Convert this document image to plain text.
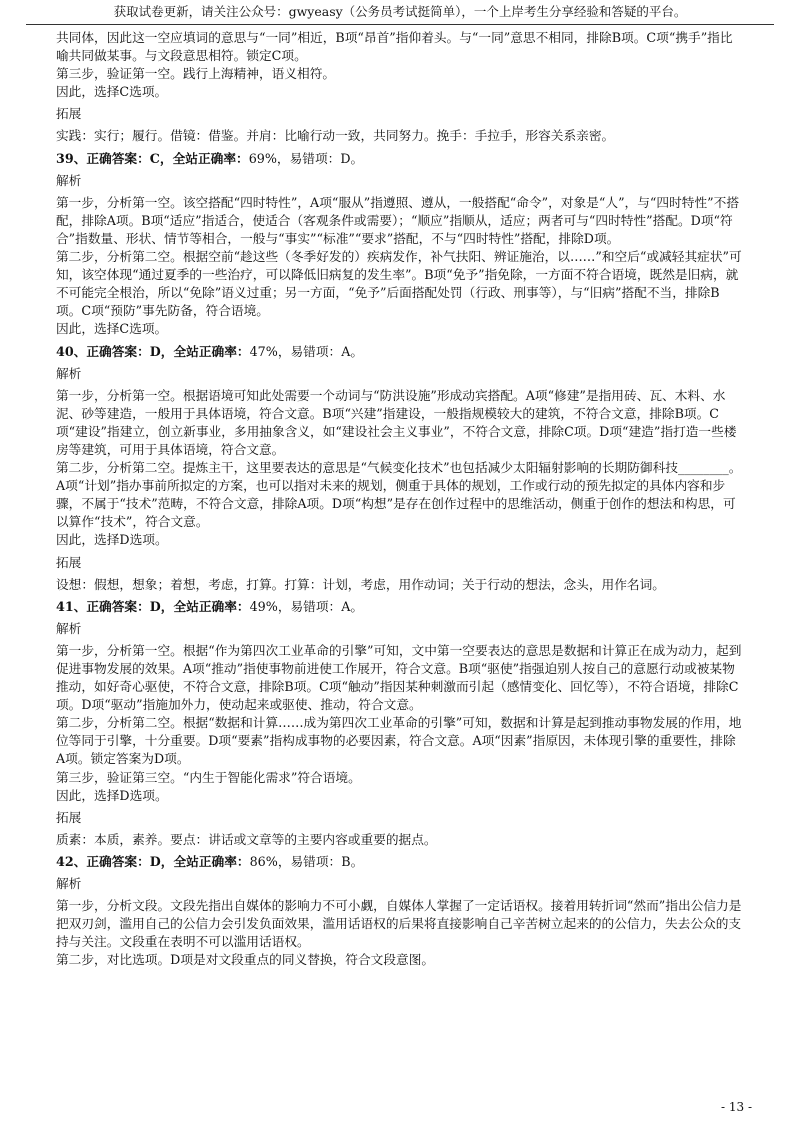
获取试卷更新，请关注公众号：gwyeasy（公务员考试挺简单），一个上岸考生分享经验和答疑的平台。

共同体，因此这一空应填词的意思与“一同”相近，B项“昂首”指仰着头。与“一同”意思不相同，排除B项。C项“携手”指比喻共同做某事。与文段意思相符。锁定C项。

第三步，验证第一空。践行上海精神，语义相符。

因此，选择C选项。

拓展

实践：实行；履行。借镜：借鉴。并肩：比喻行动一致，共同努力。挽手：手拉手，形容关系亲密。

39、正确答案：C，全站正确率：69%，易错项：D。

解析

第一步，分析第一空。该空搭配“四时特性”，A项“服从”指遵照、遵从，一般搭配“命令”，对象是“人”，与“四时特性”不搭配，排除A项。B项“适应”指适合，使适合（客观条件或需要）；“顺应”指顺从，适应；两者可与“四时特性”搭配。D项“符合”指数量、形状、情节等相合，一般与“事实”“标准”“要求”搭配，不与“四时特性”搭配，排除D项。

第二步，分析第二空。根据空前“趁这些（冬季好发的）疾病发作，补气扶阳、辨证施治，以……”和空后“或减轻其症状”可知，该空体现“通过夏季的一些治疗，可以降低旧病复的发生率”。B项“免予”指免除，一方面不符合语境，既然是旧病，就不可能完全根治，所以“免除”语义过重；另一方面，“免予”后面搭配处罚（行政、刑事等），与“旧病”搭配不当，排除B项。C项“预防”事先防备，符合语境。

因此，选择C选项。

40、正确答案：D，全站正确率：47%，易错项：A。

解析

第一步，分析第一空。根据语境可知此处需要一个动词与“防洪设施”形成动宾搭配。A项“修建”是指用砖、瓦、木料、水泥、砂等建造，一般用于具体语境，符合文意。B项“兴建”指建设，一般指规模较大的建筑，不符合文意，排除B项。C项“建设”指建立，创立新事业，多用抽象含义，如“建设社会主义事业”，不符合文意，排除C项。D项“建造”指打造一些楼房等建筑，可用于具体语境，符合文意。

第二步，分析第二空。提炼主干，这里要表达的意思是“气候变化技术”也包括减少太阳辐射影响的长期防御科技________。A项“计划”指办事前所拟定的方案，也可以指对未来的规划，侧重于具体的规划，工作或行动的预先拟定的具体内容和步骤，不属于“技术”范畴，不符合文意，排除A项。D项“构想”是存在创作过程中的思维活动，侧重于创作的想法和构思，可以算作“技术”，符合文意。

因此，选择D选项。

拓展

设想：假想，想象；着想，考虑，打算。打算：计划，考虑，用作动词；关于行动的想法，念头，用作名词。

41、正确答案：D，全站正确率：49%，易错项：A。

解析

第一步，分析第一空。根据“作为第四次工业革命的引擎”可知，文中第一空要表达的意思是数据和计算正在成为动力，起到促进事物发展的效果。A项“推动”指使事物前进使工作展开，符合文意。B项“驱使”指强迫别人按自己的意愿行动或被某物推动，如好奇心驱使，不符合文意，排除B项。C项“触动”指因某种刺激而引起（感情变化、回忆等），不符合语境，排除C项。D项“驱动”指施加外力，使动起来或驱使、推动，符合文意。

第二步，分析第二空。根据“数据和计算……成为第四次工业革命的引擎”可知，数据和计算是起到推动事物发展的作用，地位等同于引擎，十分重要。D项“要素”指构成事物的必要因素，符合文意。A项“因素”指原因，未体现引擎的重要性，排除A项。锁定答案为D项。

第三步，验证第三空。“内生于智能化需求”符合语境。

因此，选择D选项。

拓展

质素：本质，素养。要点：讲话或文章等的主要内容或重要的据点。

42、正确答案：D，全站正确率：86%，易错项：B。

解析

第一步，分析文段。文段先指出自媒体的影响力不可小觑，自媒体人掌握了一定话语权。接着用转折词“然而”指出公信力是把双刃剑，滥用自己的公信力会引发负面效果，滥用话语权的后果将直接影响自己辛苦树立起来的的公信力，失去公众的支持与关注。文段重在表明不可以滥用话语权。

第二步，对比选项。D项是对文段重点的同义替换，符合文段意图。

- 13 -
